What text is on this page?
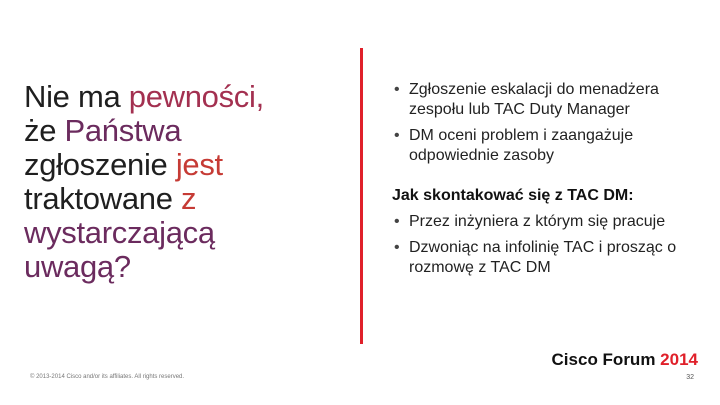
Nie ma pewności,
że Państwa
zgłoszenie jest
traktowane z
wystarczającą
uwagą?
• Zgłoszenie eskalacji do menadżera zespołu lub TAC Duty Manager
• DM oceni problem i zaangażuje odpowiednie zasoby
Jak skontakować się z TAC DM:
• Przez inżyniera z którym się pracuje
• Dzwoniąc na infolinię TAC i prosząc o rozmowę z TAC DM
Cisco Forum 2014
© 2013-2014 Cisco and/or its affiliates. All rights reserved.	32
